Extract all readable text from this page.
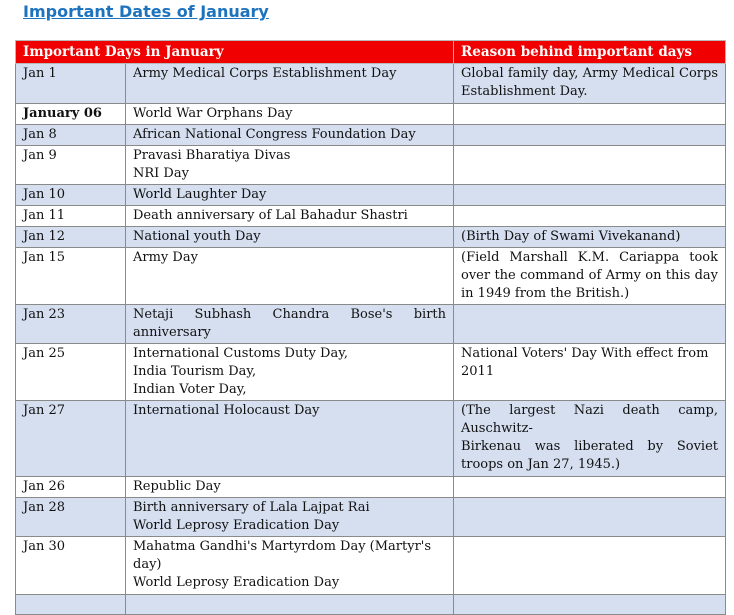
Important Dates of January
Important Days in January		Reason behind important days
Jan 1	Army Medical Corps Establishment Day	Global family day, Army Medical Corps Establishment Day.
January 06	World War Orphans Day	

Jan 8	African National Congress Foundation Day	

Jan 9	Pravasi Bharatiya Divas
NRI Day	

Jan 10	World Laughter Day	

Jan 11	Death anniversary of Lal Bahadur Shastri	

Jan 12	National youth Day	(Birth Day of Swami Vivekanand)
Jan 15	Army Day	(Field Marshall K.M. Cariappa took over the command of Army on this day in 1949 from the British.)
Jan 23	Netaji Subhash Chandra Bose's birth anniversary	
Jan 25	International Customs Duty Day,
India Tourism Day,
Indian Voter Day,	National Voters' Day With effect from 2011
Jan 27	International Holocaust Day	(The largest Nazi death camp, Auschwitz-
Birkenau was liberated by Soviet troops on Jan 27, 1945.)

Jan 26	Republic Day	

Jan 28	Birth anniversary of Lala Lajpat Rai
World Leprosy Eradication Day	

Jan 30	Mahatma Gandhi's Martyrdom Day (Martyr's day)
World Leprosy Eradication Day	
